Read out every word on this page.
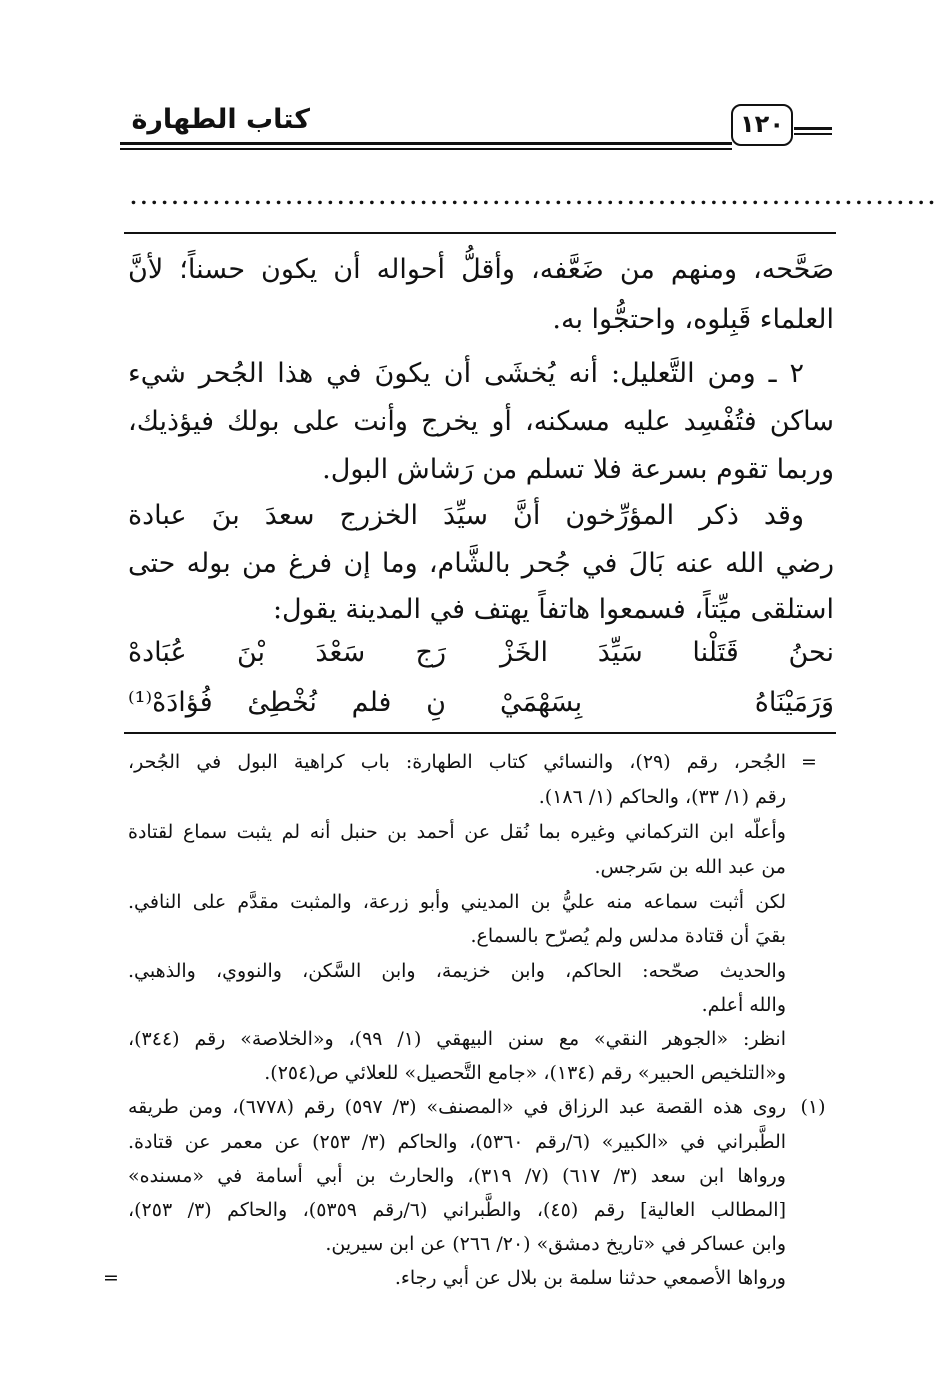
كتاب الطهارة	١٢٠
..............................................................................
صَحَّحه، ومنهم من ضَعَّفه، وأقلُّ أحواله أن يكون حسناً؛ لأنَّ
العلماء قَبِلوه، واحتجُّوا به.
٢ ـ ومن التَّعليل: أنه يُخشَى أن يكونَ في هذا الجُحر شيء
ساكن فتُفْسِد عليه مسكنه، أو يخرج وأنت على بولك فيؤذيك،
وربما تقوم بسرعة فلا تسلم من رَشاش البول.
وقد ذكر المؤرِّخون أنَّ سيِّدَ الخزرج سعدَ بنَ عبادة
رضي الله عنه بَالَ في جُحر بالشَّام، وما إن فرغ من بوله حتى
استلقى ميِّتاً، فسمعوا هاتفاً يهتف في المدينة يقول:
نحنُ قَتَلْنا سَيِّدَ الخَزْ
رَج سَعْدَ بْنَ عُبَادهْ
وَرَمَيْنَاهُ بِسَهْمَيْ
نِ فلم نُخْطِئ فُؤادَهْ⁽¹⁾
=
الجُحر، رقم (٢٩)، والنسائي كتاب الطهارة: باب كراهية البول في الجُحر،
رقم (١/ ٣٣)، والحاكم (١/ ١٨٦).
وأعلّه ابن التركماني وغيره بما نُقل عن أحمد بن حنبل أنه لم يثبت سماع لقتادة
من عبد الله بن سَرجس.
لكن أثبت سماعه منه عليُّ بن المديني وأبو زرعة، والمثبت مقدَّم على النافي.
بقيَ أن قتادة مدلس ولم يُصرّح بالسماع.
والحديث صحّحه: الحاكم، وابن خزيمة، وابن السَّكن، والنووي، والذهبي.
والله أعلم.
انظر: «الجوهر النقي» مع سنن البيهقي (١/ ٩٩)، و«الخلاصة» رقم (٣٤٤)،
و«التلخيص الحبير» رقم (١٣٤)، «جامع التَّحصيل» للعلائي ص(٢٥٤).
(١)
روى هذه القصة عبد الرزاق في «المصنف» (٣/ ٥٩٧) رقم (٦٧٧٨)، ومن طريقه
الطَّبراني في «الكبير» (٦/رقم ٥٣٦٠)، والحاكم (٣/ ٢٥٣) عن معمر عن قتادة.
ورواها ابن سعد (٣/ ٦١٧) (٧/ ٣١٩)، والحارث بن أبي أسامة في «مسنده»
[المطالب العالية] رقم (٤٥)، والطَّبراني (٦/رقم ٥٣٥٩)، والحاكم (٣/ ٢٥٣)،
وابن عساكر في «تاريخ دمشق» (٢٠/ ٢٦٦) عن ابن سيرين.
ورواها الأصمعي حدثنا سلمة بن بلال عن أبي رجاء.
=
